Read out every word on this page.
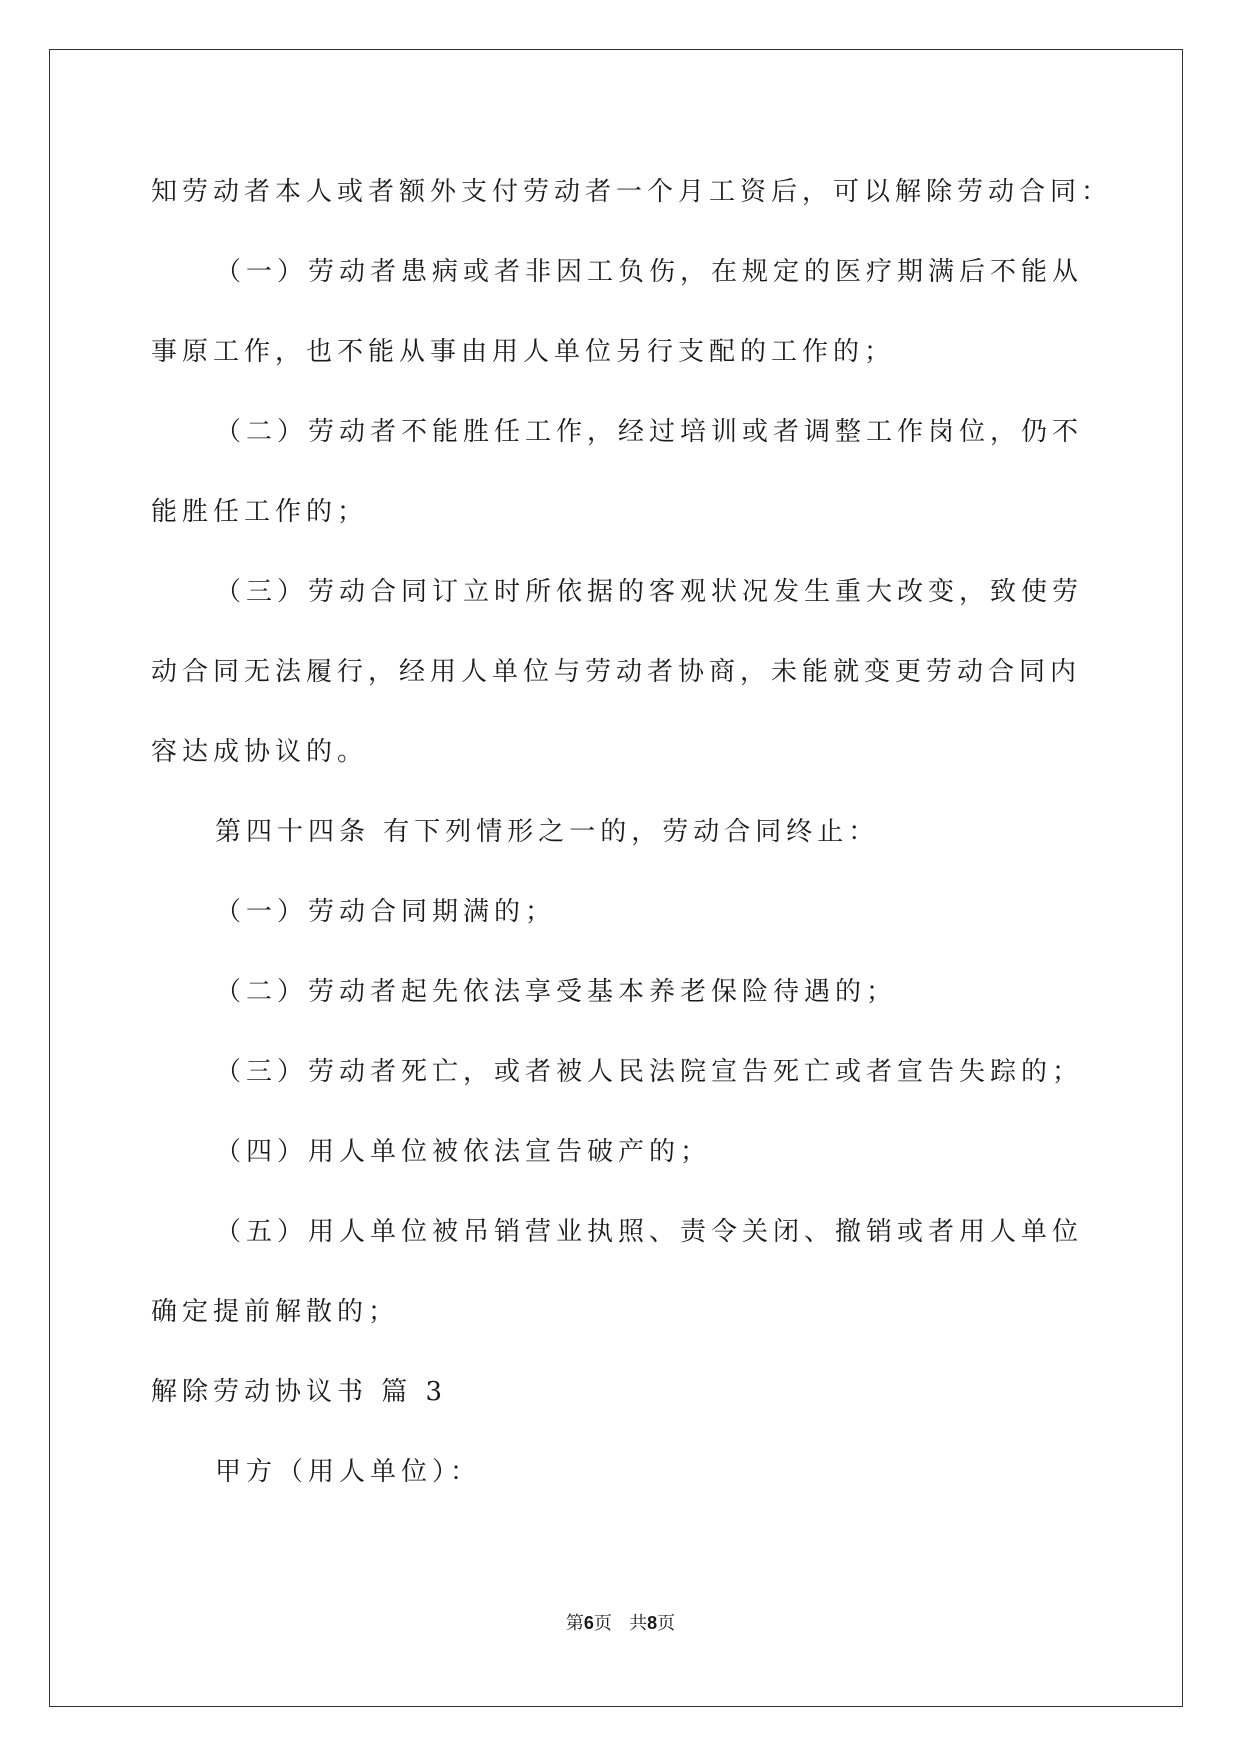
知劳动者本人或者额外支付劳动者一个月工资后，可以解除劳动合同：
（一）劳动者患病或者非因工负伤，在规定的医疗期满后不能从
事原工作，也不能从事由用人单位另行支配的工作的；
（二）劳动者不能胜任工作，经过培训或者调整工作岗位，仍不
能胜任工作的；
（三）劳动合同订立时所依据的客观状况发生重大改变，致使劳
动合同无法履行，经用人单位与劳动者协商，未能就变更劳动合同内
容达成协议的。
第四十四条 有下列情形之一的，劳动合同终止：
（一）劳动合同期满的；
（二）劳动者起先依法享受基本养老保险待遇的；
（三）劳动者死亡，或者被人民法院宣告死亡或者宣告失踪的；
（四）用人单位被依法宣告破产的；
（五）用人单位被吊销营业执照、责令关闭、撤销或者用人单位
确定提前解散的；
解除劳动协议书 篇 3
甲方（用人单位）：
第6页 共8页
